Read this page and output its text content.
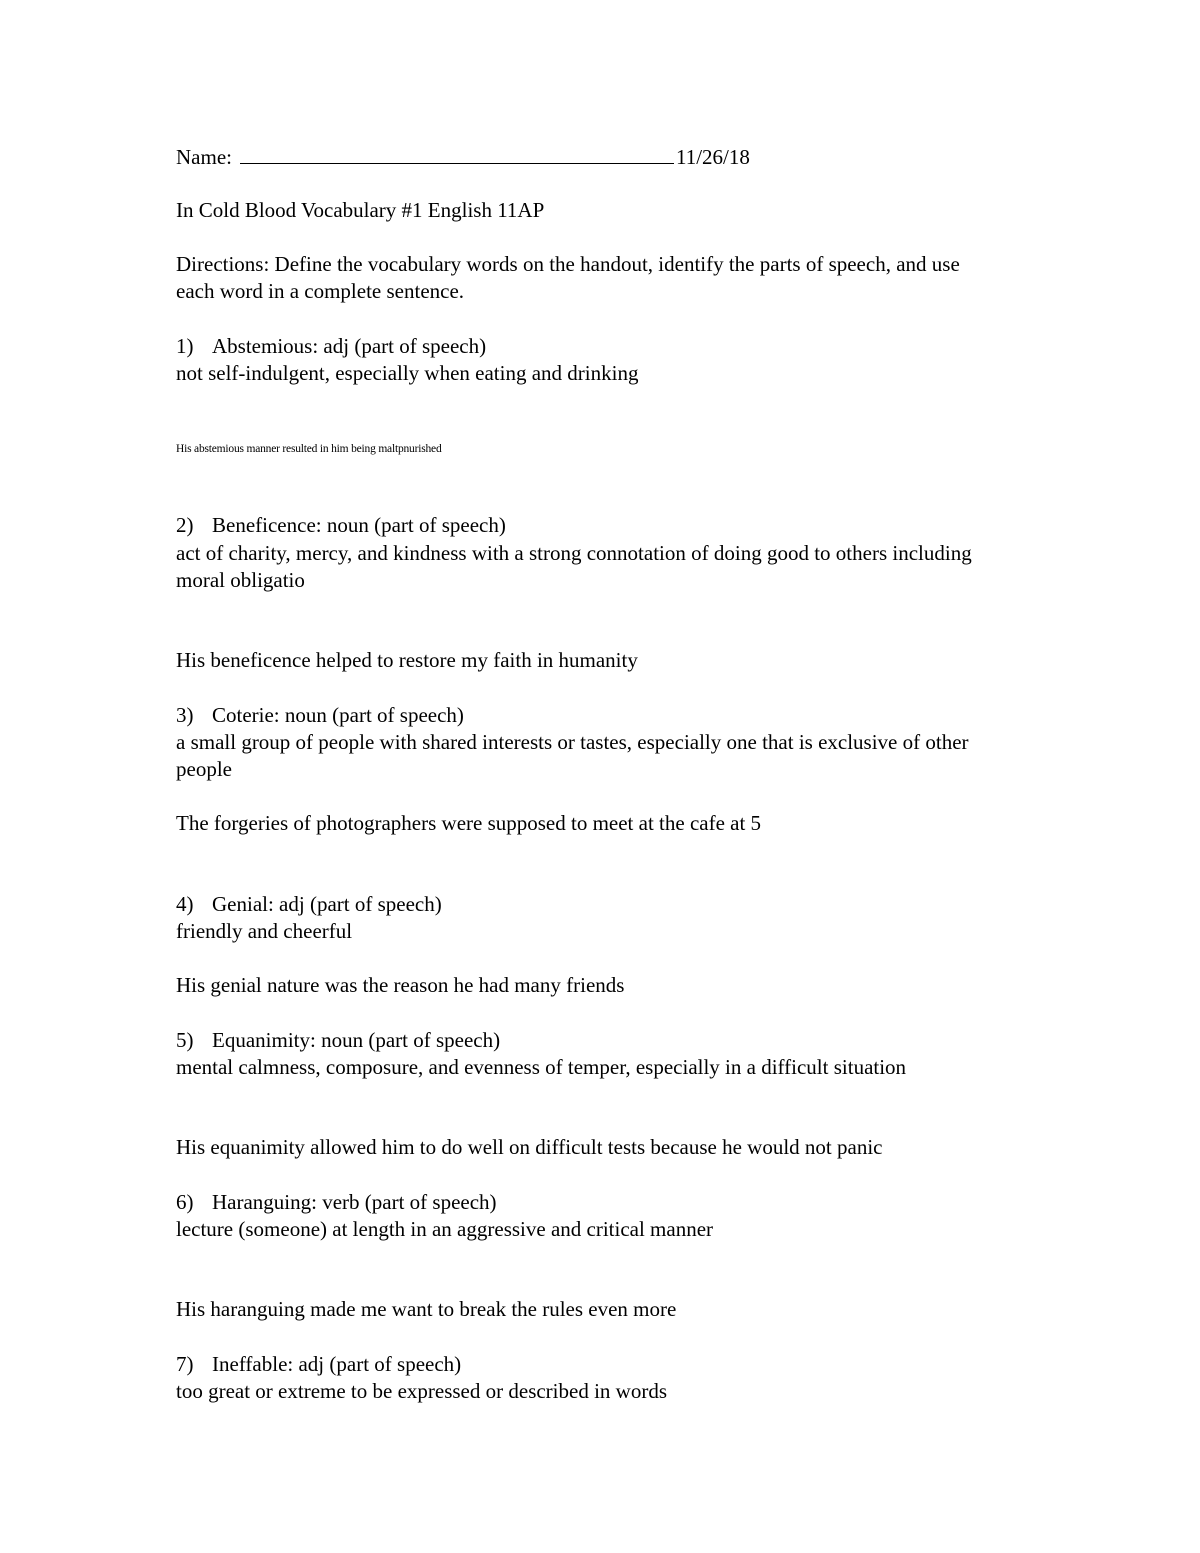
Name:	11/26/18
In Cold Blood Vocabulary #1 English 11AP
Directions: Define the vocabulary words on the handout, identify the parts of speech, and use
each word in a complete sentence.
1) Abstemious: adj (part of speech)
not self-indulgent, especially when eating and drinking
His abstemious manner resulted in him being maltpnurished
2) Beneficence: noun (part of speech)
act of charity, mercy, and kindness with a strong connotation of doing good to others including
moral obligatio
His beneficence helped to restore my faith in humanity
3) Coterie: noun (part of speech)
a small group of people with shared interests or tastes, especially one that is exclusive of other
people
The forgeries of photographers were supposed to meet at the cafe at 5
4) Genial: adj (part of speech)
friendly and cheerful
His genial nature was the reason he had many friends
5) Equanimity: noun (part of speech)
mental calmness, composure, and evenness of temper, especially in a difficult situation
His equanimity allowed him to do well on difficult tests because he would not panic
6) Haranguing: verb (part of speech)
lecture (someone) at length in an aggressive and critical manner
His haranguing made me want to break the rules even more
7) Ineffable: adj (part of speech)
too great or extreme to be expressed or described in words
